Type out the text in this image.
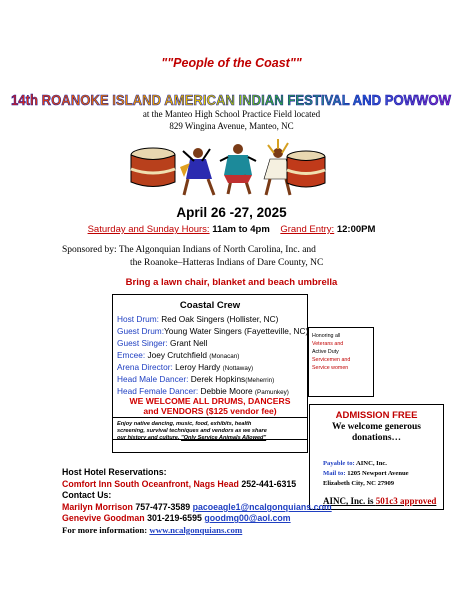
""People of the Coast""
14th ROANOKE ISLAND AMERICAN INDIAN FESTIVAL AND POWWOW
at the Manteo High School Practice Field located
829 Wingina Avenue, Manteo, NC
April 26 -27, 2025
Saturday and Sunday Hours: 11am to 4pm Grand Entry: 12:00PM
Sponsored by: The Algonquian Indians of North Carolina, Inc. and
the Roanoke–Hatteras Indians of Dare County, NC
Bring a lawn chair, blanket and beach umbrella
Coastal Crew
Host Drum: Red Oak Singers (Hollister, NC)
Guest Drum:Young Water Singers (Fayetteville, NC)
Guest Singer: Grant Nell
Emcee: Joey Crutchfield (Monacan)
Arena Director: Leroy Hardy (Nottaway)
Head Male Dancer: Derek Hopkins(Meherrin)
Head Female Dancer: Debbie Moore (Pamunkey)
WE WELCOME ALL DRUMS, DANCERS
and VENDORS ($125 vendor fee)
Honoring all
Veterans and
Active Duty
Servicemen and
Service women
Enjoy native dancing, music, food, exhibits, health
screening, survival techniques and vendors as we share
our history and culture. "Only Service Animals Allowed"
ADMISSION FREE
We welcome generous
donations…
Payable to: AINC, Inc.
Mail to: 1205 Newport Avenue
Elizabeth City, NC 27909
AINC, Inc. is 501c3 approved
Host Hotel Reservations:
Comfort Inn South Oceanfront, Nags Head 252-441-6315
Contact Us:
Marilyn Morrison 757-477-3589 pacoeagle1@ncalgonquians.com
Genevive Goodman 301-219-6595 goodmg00@aol.com
For more information: www.ncalgonquians.com
